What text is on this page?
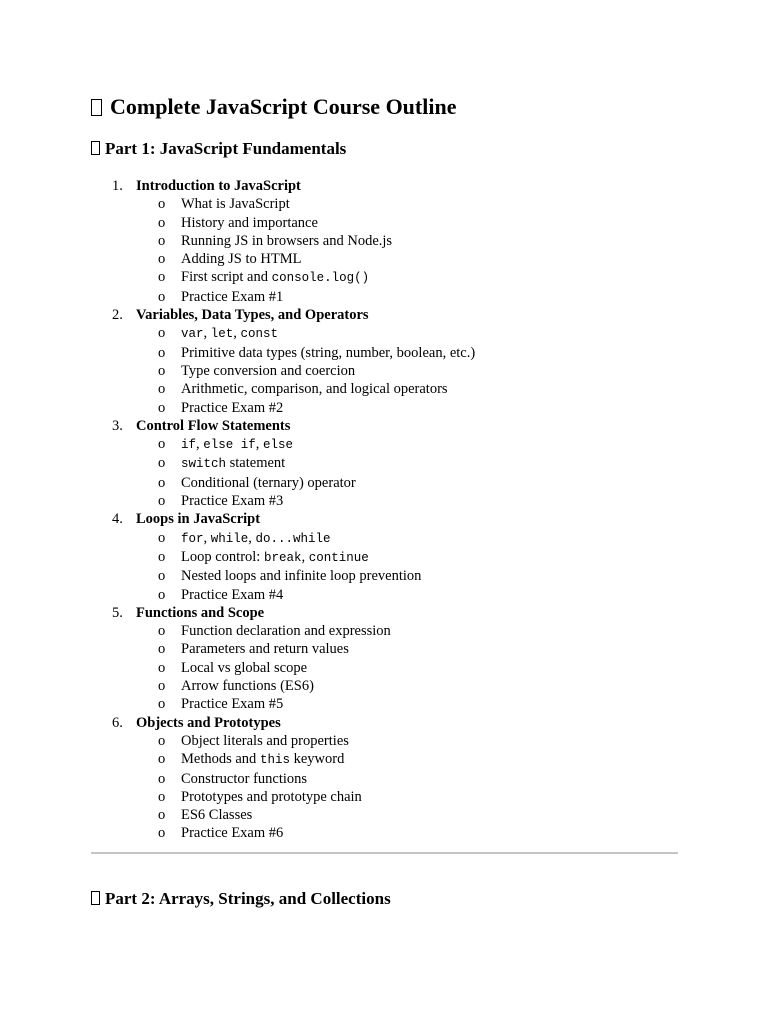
Complete JavaScript Course Outline
Part 1: JavaScript Fundamentals
1. Introduction to JavaScript
o What is JavaScript
o History and importance
o Running JS in browsers and Node.js
o Adding JS to HTML
o First script and console.log()
o Practice Exam #1
2. Variables, Data Types, and Operators
o var, let, const
o Primitive data types (string, number, boolean, etc.)
o Type conversion and coercion
o Arithmetic, comparison, and logical operators
o Practice Exam #2
3. Control Flow Statements
o if, else if, else
o switch statement
o Conditional (ternary) operator
o Practice Exam #3
4. Loops in JavaScript
o for, while, do...while
o Loop control: break, continue
o Nested loops and infinite loop prevention
o Practice Exam #4
5. Functions and Scope
o Function declaration and expression
o Parameters and return values
o Local vs global scope
o Arrow functions (ES6)
o Practice Exam #5
6. Objects and Prototypes
o Object literals and properties
o Methods and this keyword
o Constructor functions
o Prototypes and prototype chain
o ES6 Classes
o Practice Exam #6
Part 2: Arrays, Strings, and Collections
